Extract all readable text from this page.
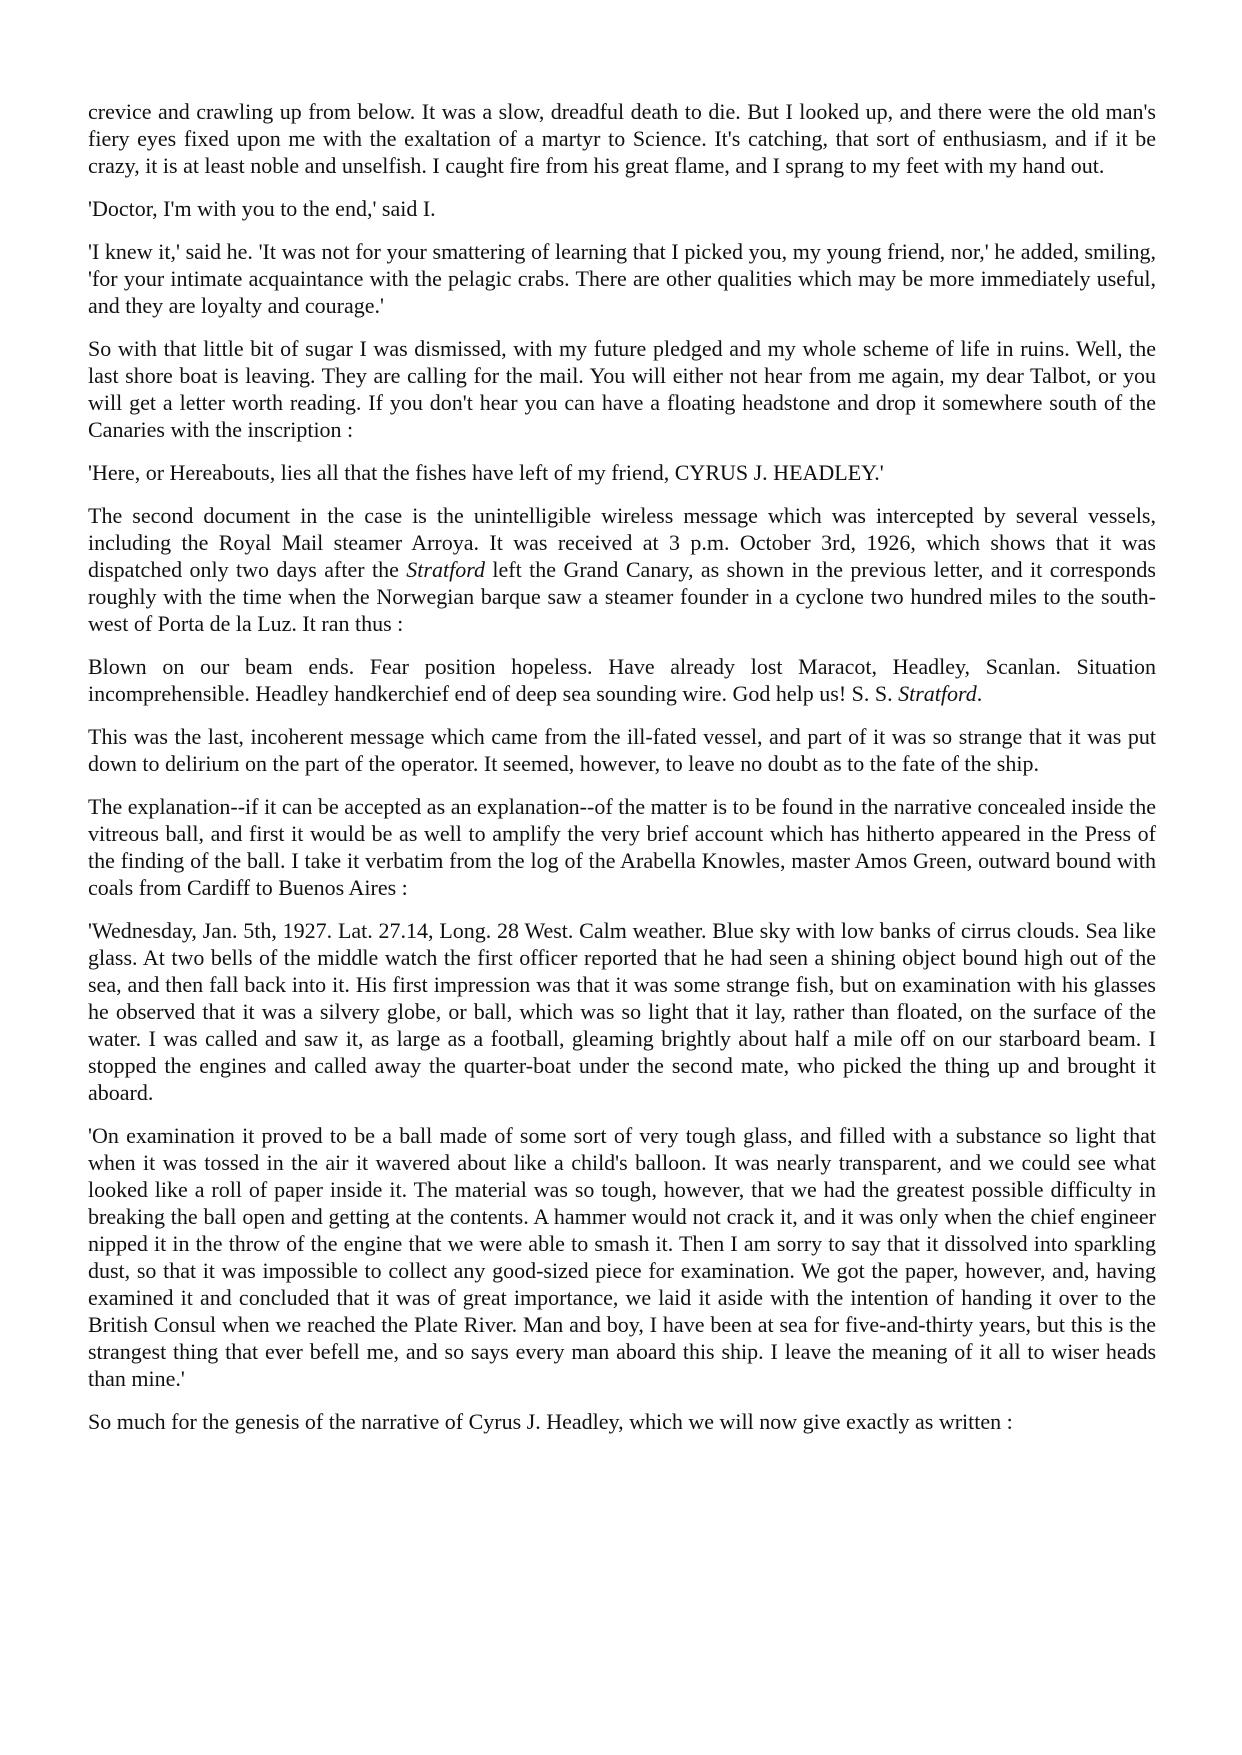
crevice and crawling up from below. It was a slow, dreadful death to die. But I looked up, and there were the old man's fiery eyes fixed upon me with the exaltation of a martyr to Science. It's catching, that sort of enthusiasm, and if it be crazy, it is at least noble and unselfish. I caught fire from his great flame, and I sprang to my feet with my hand out.

'Doctor, I'm with you to the end,' said I.

'I knew it,' said he. 'It was not for your smattering of learning that I picked you, my young friend, nor,' he added, smiling, 'for your intimate acquaintance with the pelagic crabs. There are other qualities which may be more immediately useful, and they are loyalty and courage.'

So with that little bit of sugar I was dismissed, with my future pledged and my whole scheme of life in ruins. Well, the last shore boat is leaving. They are calling for the mail. You will either not hear from me again, my dear Talbot, or you will get a letter worth reading. If you don't hear you can have a floating headstone and drop it somewhere south of the Canaries with the inscription :

'Here, or Hereabouts, lies all that the fishes have left of my friend, CYRUS J. HEADLEY.'

The second document in the case is the unintelligible wireless message which was intercepted by several vessels, including the Royal Mail steamer Arroya. It was received at 3 p.m. October 3rd, 1926, which shows that it was dispatched only two days after the Stratford left the Grand Canary, as shown in the previous letter, and it corresponds roughly with the time when the Norwegian barque saw a steamer founder in a cyclone two hundred miles to the south-west of Porta de la Luz. It ran thus :

Blown on our beam ends. Fear position hopeless. Have already lost Maracot, Headley, Scanlan. Situation incomprehensible. Headley handkerchief end of deep sea sounding wire. God help us! S. S. Stratford.

This was the last, incoherent message which came from the ill-fated vessel, and part of it was so strange that it was put down to delirium on the part of the operator. It seemed, however, to leave no doubt as to the fate of the ship.

The explanation--if it can be accepted as an explanation--of the matter is to be found in the narrative concealed inside the vitreous ball, and first it would be as well to amplify the very brief account which has hitherto appeared in the Press of the finding of the ball. I take it verbatim from the log of the Arabella Knowles, master Amos Green, outward bound with coals from Cardiff to Buenos Aires :

'Wednesday, Jan. 5th, 1927. Lat. 27.14, Long. 28 West. Calm weather. Blue sky with low banks of cirrus clouds. Sea like glass. At two bells of the middle watch the first officer reported that he had seen a shining object bound high out of the sea, and then fall back into it. His first impression was that it was some strange fish, but on examination with his glasses he observed that it was a silvery globe, or ball, which was so light that it lay, rather than floated, on the surface of the water. I was called and saw it, as large as a football, gleaming brightly about half a mile off on our starboard beam. I stopped the engines and called away the quarter-boat under the second mate, who picked the thing up and brought it aboard.

'On examination it proved to be a ball made of some sort of very tough glass, and filled with a substance so light that when it was tossed in the air it wavered about like a child's balloon. It was nearly transparent, and we could see what looked like a roll of paper inside it. The material was so tough, however, that we had the greatest possible difficulty in breaking the ball open and getting at the contents. A hammer would not crack it, and it was only when the chief engineer nipped it in the throw of the engine that we were able to smash it. Then I am sorry to say that it dissolved into sparkling dust, so that it was impossible to collect any good-sized piece for examination. We got the paper, however, and, having examined it and concluded that it was of great importance, we laid it aside with the intention of handing it over to the British Consul when we reached the Plate River. Man and boy, I have been at sea for five-and-thirty years, but this is the strangest thing that ever befell me, and so says every man aboard this ship. I leave the meaning of it all to wiser heads than mine.'

So much for the genesis of the narrative of Cyrus J. Headley, which we will now give exactly as written :
